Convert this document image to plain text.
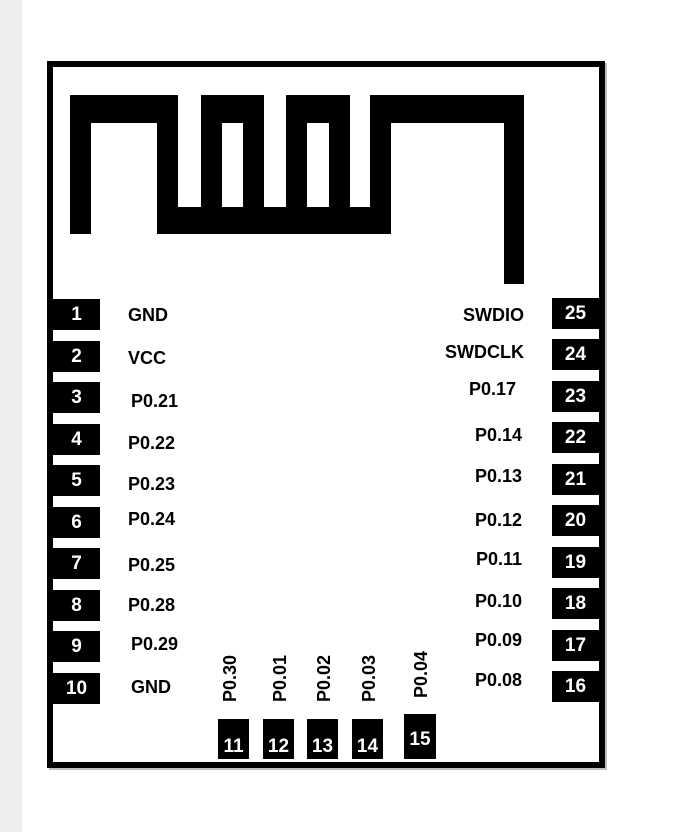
1
2
3
4
5
6
7
8
9
10
GND
VCC
P0.21
P0.22
P0.23
P0.24
P0.25
P0.28
P0.29
GND
25
24
23
22
21
20
19
18
17
16
SWDIO
SWDCLK
P0.17
P0.14
P0.13
P0.12
P0.11
P0.10
P0.09
P0.08
11 12 13 14 15
P0.30 P0.01 P0.02 P0.03 P0.04
